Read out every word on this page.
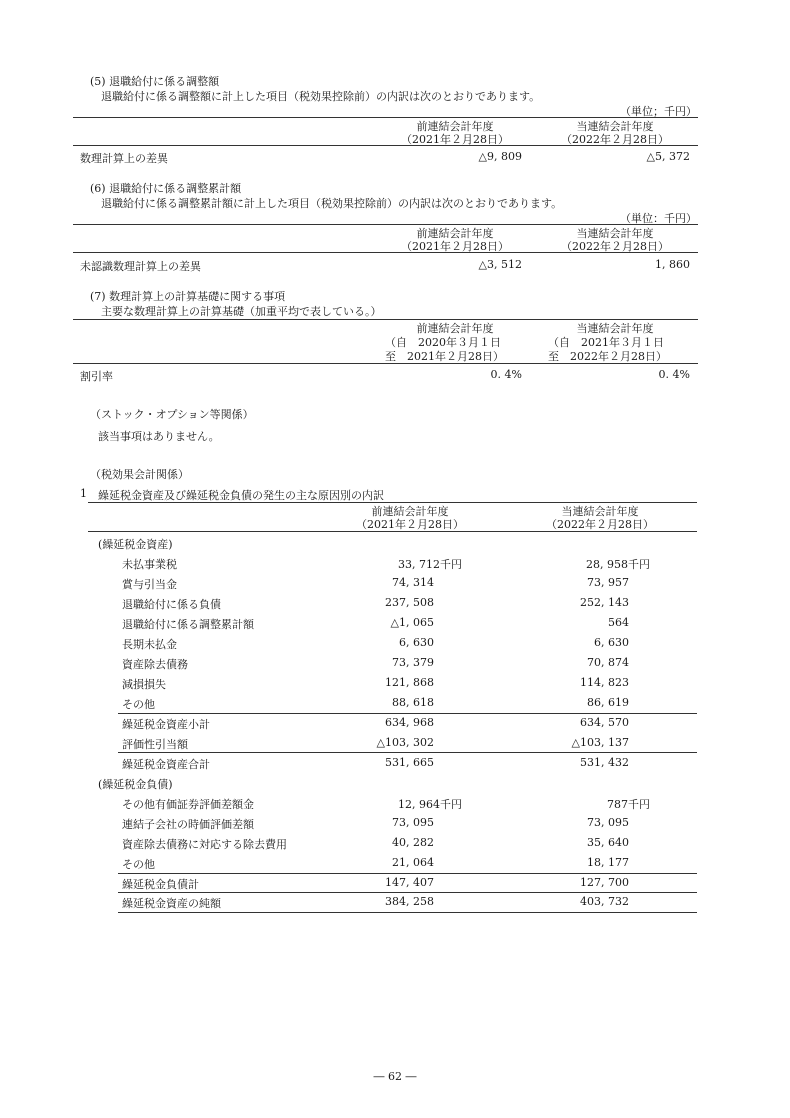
(5) 退職給付に係る調整額
退職給付に係る調整額に計上した項目（税効果控除前）の内訳は次のとおりであります。
（単位；千円）
前連結会計年度
（2021年２月28日）
当連結会計年度
（2022年２月28日）
数理計算上の差異	△9, 809	△5, 372
(6) 退職給付に係る調整累計額
退職給付に係る調整累計額に計上した項目（税効果控除前）の内訳は次のとおりであります。
（単位：千円）
前連結会計年度
（2021年２月28日）
当連結会計年度
（2022年２月28日）
未認識数理計算上の差異	△3, 512	1, 860
(7) 数理計算上の計算基礎に関する事項
主要な数理計算上の計算基礎（加重平均で表している。）
前連結会計年度
（自　2020年３月１日
至　2021年２月28日）
当連結会計年度
（自　2021年３月１日
至　2022年２月28日）
割引率	0. 4%	0. 4%
（ストック・オプション等関係）
該当事項はありません。
（税効果会計関係）
1 繰延税金資産及び繰延税金負債の発生の主な原因別の内訳
前連結会計年度
（2021年２月28日）
当連結会計年度
（2022年２月28日）
(繰延税金資産)
未払事業税	33, 712千円	28, 958千円
賞与引当金	74, 314	73, 957
退職給付に係る負債	237, 508	252, 143
退職給付に係る調整累計額	△1, 065	564
長期未払金	6, 630	6, 630
資産除去債務	73, 379	70, 874
減損損失	121, 868	114, 823
その他	88, 618	86, 619
繰延税金資産小計	634, 968	634, 570
評価性引当額	△103, 302	△103, 137
繰延税金資産合計	531, 665	531, 432
(繰延税金負債)
その他有価証券評価差額金	12, 964千円	787千円
連結子会社の時価評価差額	73, 095	73, 095
資産除去債務に対応する除去費用	40, 282	35, 640
その他	21, 064	18, 177
繰延税金負債計	147, 407	127, 700
繰延税金資産の純額	384, 258	403, 732
― 62 ―
